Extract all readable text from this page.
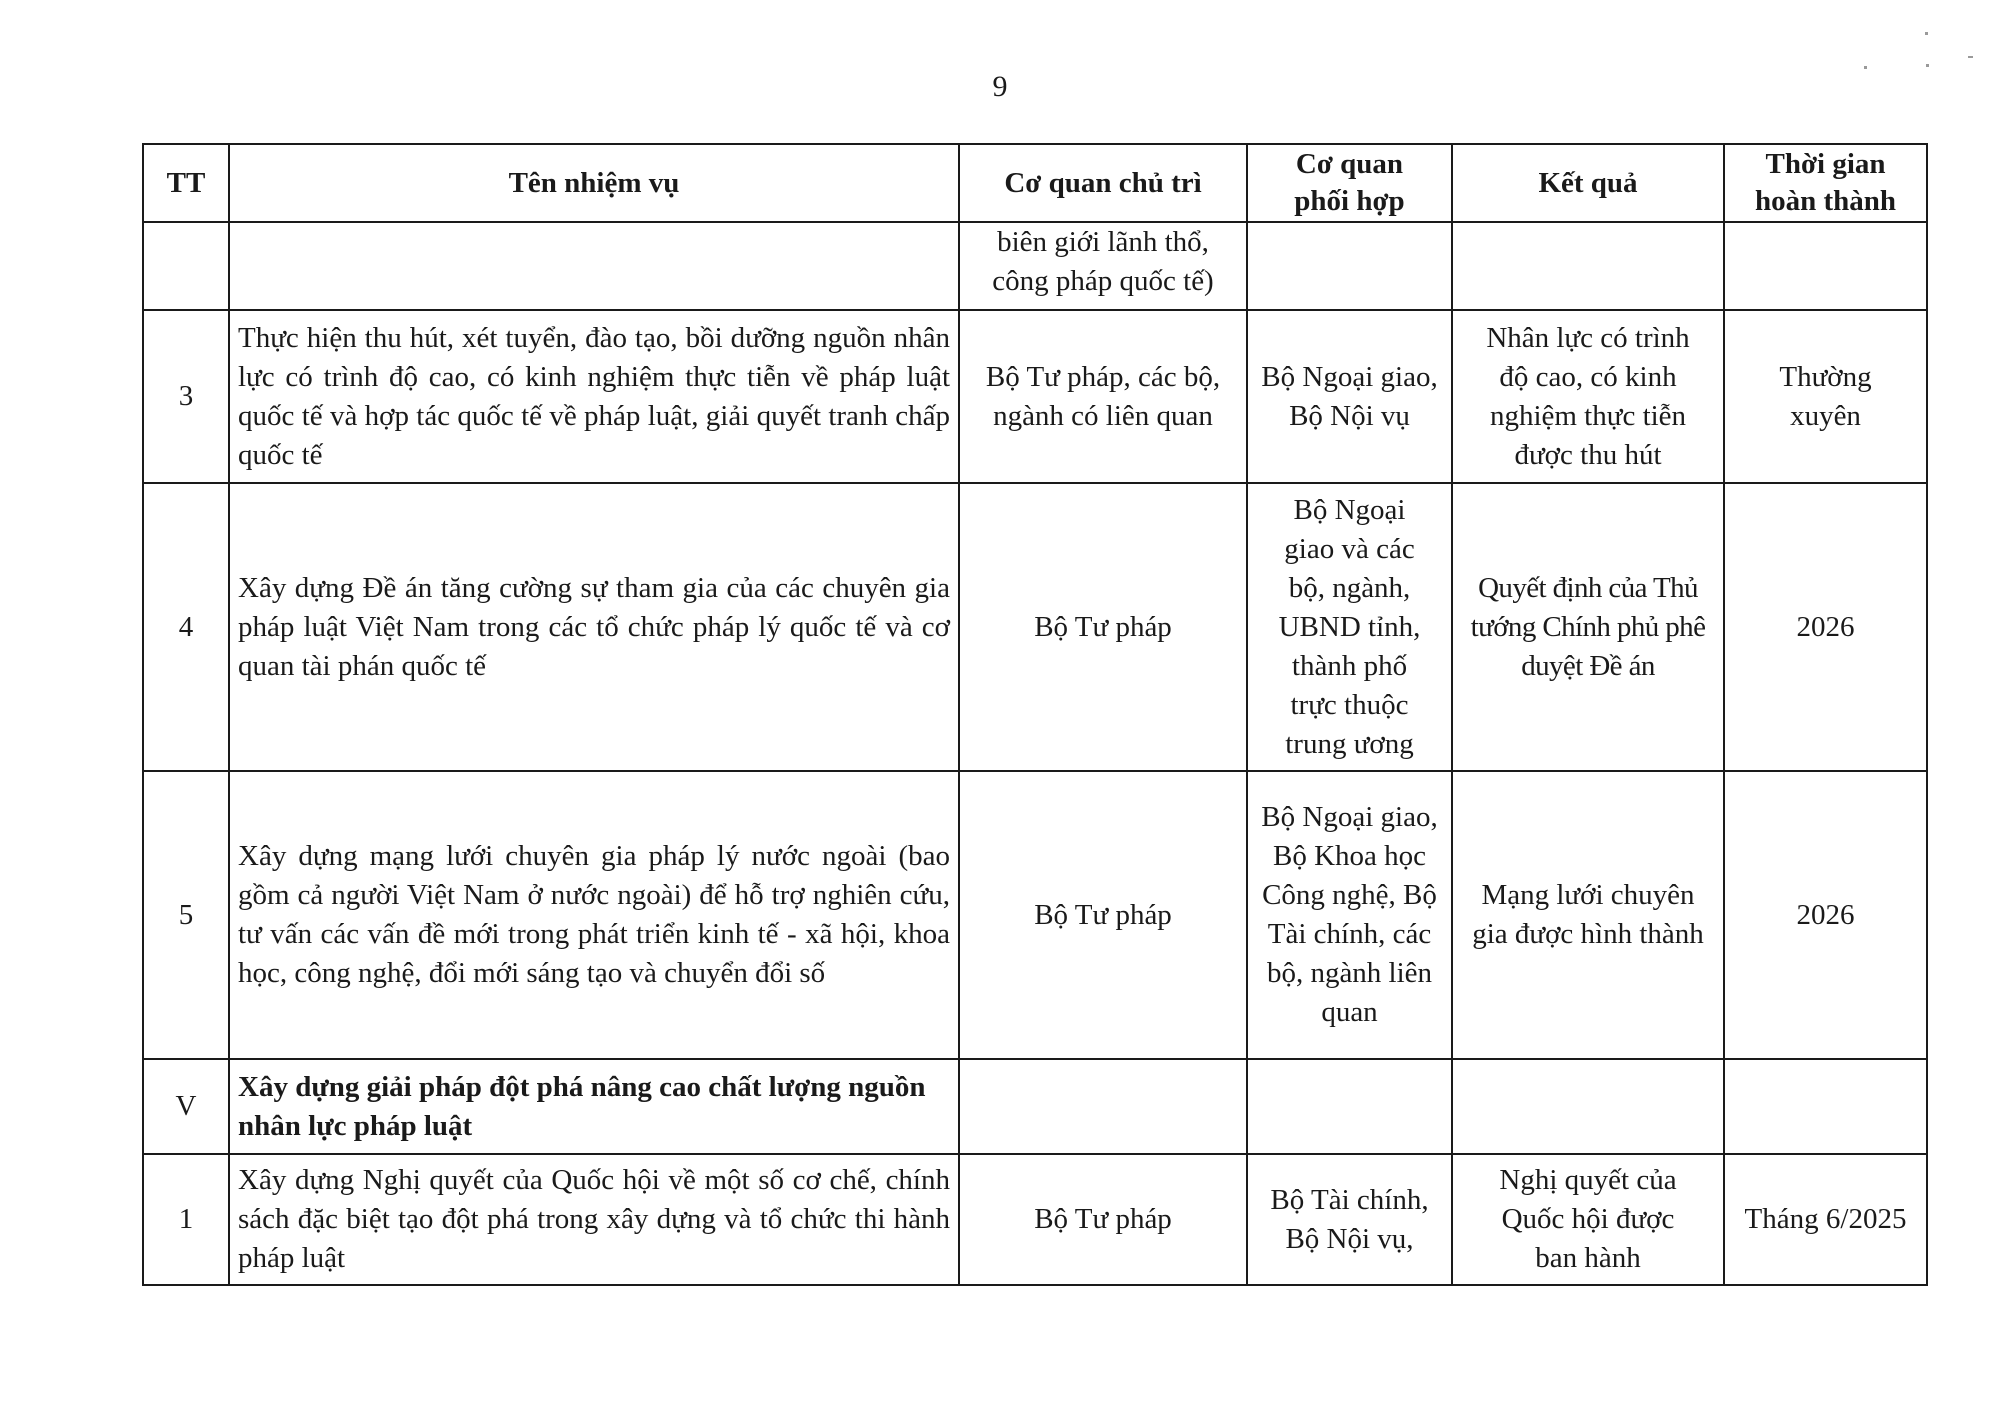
9
TT	Tên nhiệm vụ	Cơ quan chủ trì	Cơ quan phối hợp	Kết quả	Thời gian hoàn thành
		biên giới lãnh thổ, công pháp quốc tế)			
3	Thực hiện thu hút, xét tuyển, đào tạo, bồi dưỡng nguồn nhân lực có trình độ cao, có kinh nghiệm thực tiễn về pháp luật quốc tế và hợp tác quốc tế về pháp luật, giải quyết tranh chấp quốc tế	Bộ Tư pháp, các bộ, ngành có liên quan	Bộ Ngoại giao, Bộ Nội vụ	Nhân lực có trình độ cao, có kinh nghiệm thực tiễn được thu hút	Thường xuyên
4	Xây dựng Đề án tăng cường sự tham gia của các chuyên gia pháp luật Việt Nam trong các tổ chức pháp lý quốc tế và cơ quan tài phán quốc tế	Bộ Tư pháp	Bộ Ngoại giao và các bộ, ngành, UBND tỉnh, thành phố trực thuộc trung ương	Quyết định của Thủ tướng Chính phủ phê duyệt Đề án	2026
5	Xây dựng mạng lưới chuyên gia pháp lý nước ngoài (bao gồm cả người Việt Nam ở nước ngoài) để hỗ trợ nghiên cứu, tư vấn các vấn đề mới trong phát triển kinh tế - xã hội, khoa học, công nghệ, đổi mới sáng tạo và chuyển đổi số	Bộ Tư pháp	Bộ Ngoại giao, Bộ Khoa học Công nghệ, Bộ Tài chính, các bộ, ngành liên quan	Mạng lưới chuyên gia được hình thành	2026
V	Xây dựng giải pháp đột phá nâng cao chất lượng nguồn nhân lực pháp luật				
1	Xây dựng Nghị quyết của Quốc hội về một số cơ chế, chính sách đặc biệt tạo đột phá trong xây dựng và tổ chức thi hành pháp luật	Bộ Tư pháp	Bộ Tài chính, Bộ Nội vụ,	Nghị quyết của Quốc hội được ban hành	Tháng 6/2025
